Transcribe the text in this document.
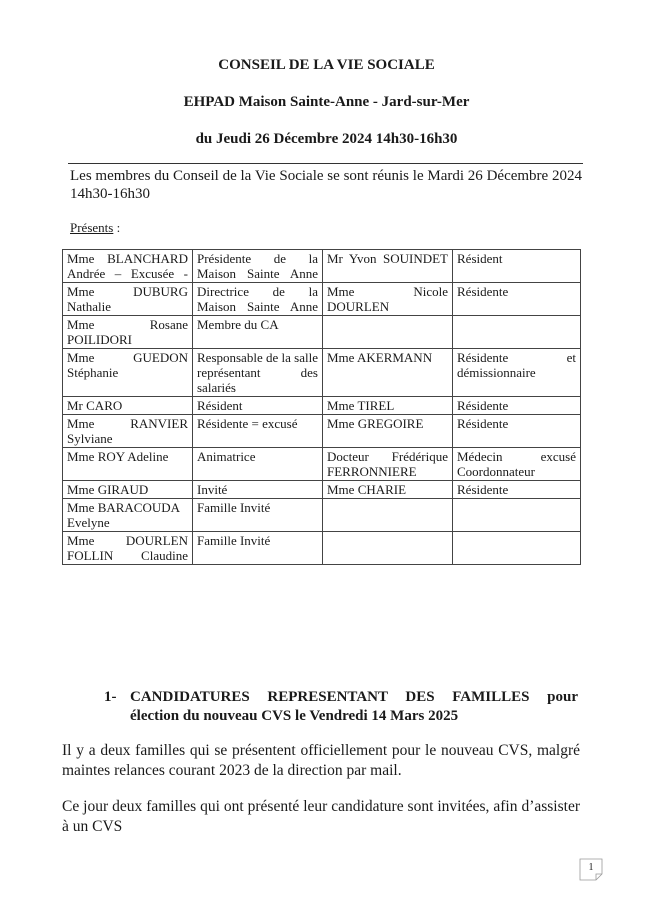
CONSEIL DE LA VIE SOCIALE
EHPAD Maison Sainte-Anne - Jard-sur-Mer
du Jeudi 26 Décembre 2024 14h30-16h30
Les membres du Conseil de la Vie Sociale se sont réunis le Mardi 26 Décembre 2024 14h30-16h30
Présents :
Mme BLANCHARD Andrée – Excusée -	Présidente de la Maison Sainte Anne	Mr Yvon SOUINDET	Résident
Mme DUBURG Nathalie	Directrice de la Maison Sainte Anne	Mme Nicole DOURLEN	Résidente
Mme Rosane POILIDORI	Membre du CA		
Mme GUEDON Stéphanie	Responsable de la salle représentant des salariés	Mme AKERMANN	Résidente et démissionnaire
Mr CARO	Résident	Mme TIREL	Résidente
Mme RANVIER Sylviane	Résidente = excusé	Mme GREGOIRE	Résidente
Mme ROY Adeline	Animatrice	Docteur Frédérique FERRONNIERE	Médecin excusé Coordonnateur
Mme GIRAUD	Invité	Mme CHARIE	Résidente
Mme BARACOUDA Evelyne	Famille Invité		
Mme DOURLEN FOLLIN Claudine	Famille Invité		
1- CANDIDATURES REPRESENTANT DES FAMILLES pour
élection du nouveau CVS le Vendredi 14 Mars 2025
Il y a deux familles qui se présentent officiellement pour le nouveau CVS, malgré maintes relances courant 2023 de la direction par mail.
Ce jour deux familles qui ont présenté leur candidature sont invitées, afin d’assister à un CVS
1
